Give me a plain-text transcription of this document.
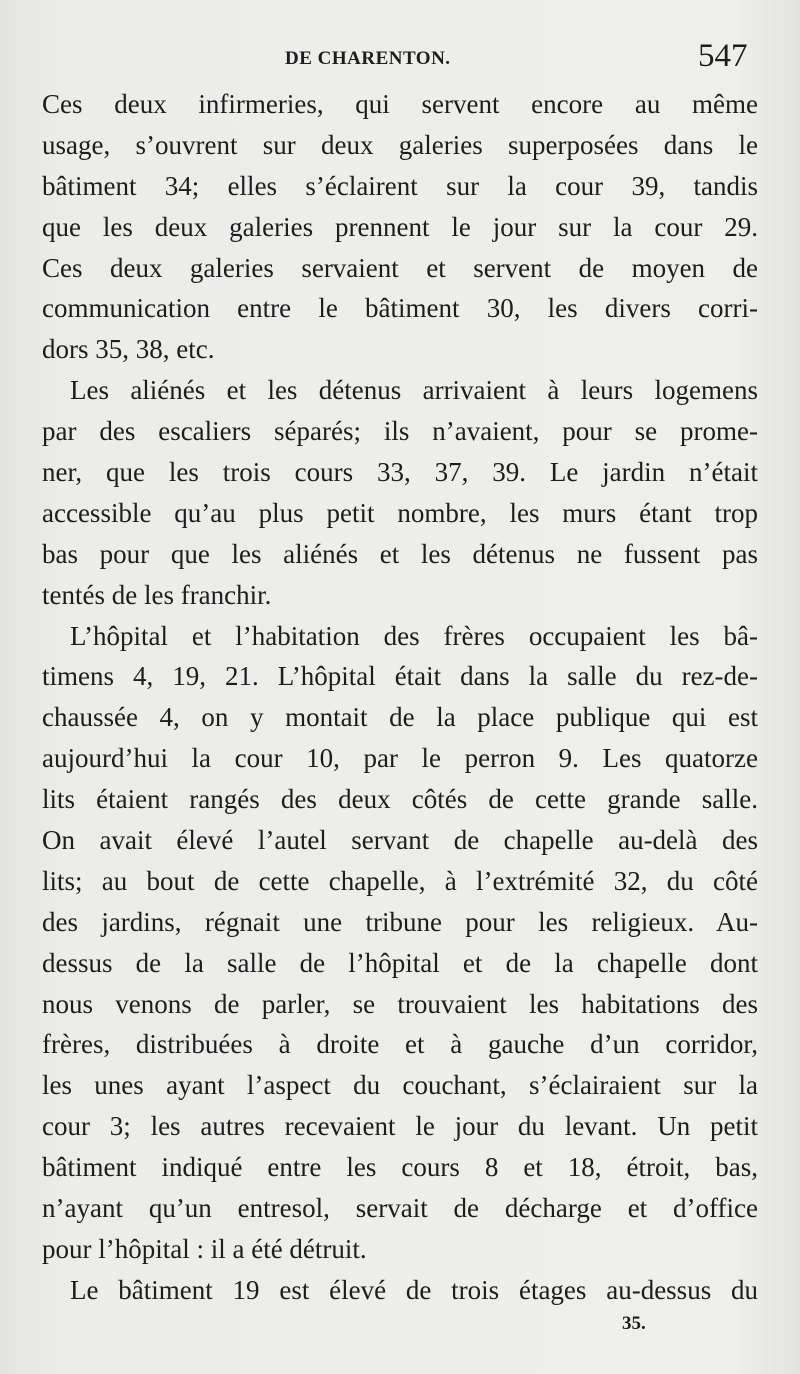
DE CHARENTON.	547
Ces deux infirmeries, qui servent encore au même
usage, s’ouvrent sur deux galeries superposées dans le
bâtiment 34; elles s’éclairent sur la cour 39, tandis
que les deux galeries prennent le jour sur la cour 29.
Ces deux galeries servaient et servent de moyen de
communication entre le bâtiment 30, les divers corri-
dors 35, 38, etc.
Les aliénés et les détenus arrivaient à leurs logemens
par des escaliers séparés; ils n’avaient, pour se prome-
ner, que les trois cours 33, 37, 39. Le jardin n’était
accessible qu’au plus petit nombre, les murs étant trop
bas pour que les aliénés et les détenus ne fussent pas
tentés de les franchir.
L’hôpital et l’habitation des frères occupaient les bâ-
timens 4, 19, 21. L’hôpital était dans la salle du rez-de-
chaussée 4, on y montait de la place publique qui est
aujourd’hui la cour 10, par le perron 9. Les quatorze
lits étaient rangés des deux côtés de cette grande salle.
On avait élevé l’autel servant de chapelle au-delà des
lits; au bout de cette chapelle, à l’extrémité 32, du côté
des jardins, régnait une tribune pour les religieux. Au-
dessus de la salle de l’hôpital et de la chapelle dont
nous venons de parler, se trouvaient les habitations des
frères, distribuées à droite et à gauche d’un corridor,
les unes ayant l’aspect du couchant, s’éclairaient sur la
cour 3; les autres recevaient le jour du levant. Un petit
bâtiment indiqué entre les cours 8 et 18, étroit, bas,
n’ayant qu’un entresol, servait de décharge et d’office
pour l’hôpital : il a été détruit.
Le bâtiment 19 est élevé de trois étages au-dessus du
35.
